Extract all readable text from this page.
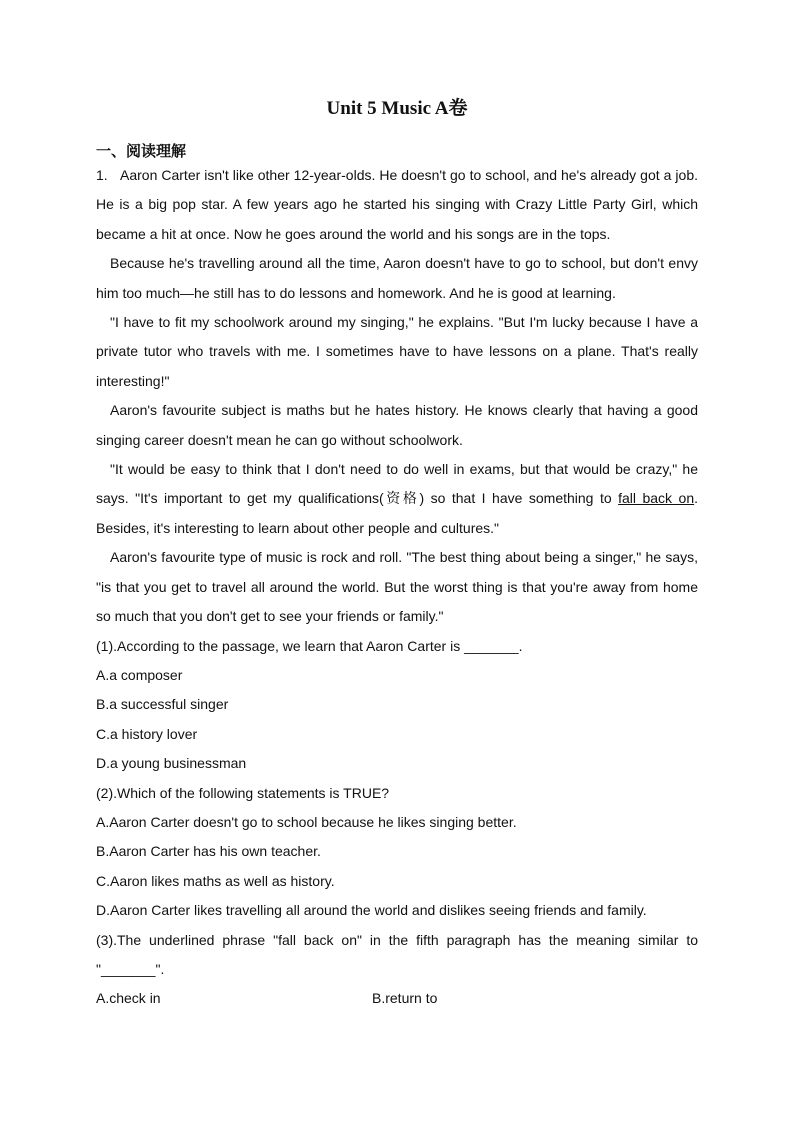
Unit 5 Music A卷
一、阅读理解

1. Aaron Carter isn't like other 12-year-olds. He doesn't go to school, and he's already got a job. He is a big pop star. A few years ago he started his singing with Crazy Little Party Girl, which became a hit at once. Now he goes around the world and his songs are in the tops.

Because he's travelling around all the time, Aaron doesn't have to go to school, but don't envy him too much—he still has to do lessons and homework. And he is good at learning.

"I have to fit my schoolwork around my singing," he explains. "But I'm lucky because I have a private tutor who travels with me. I sometimes have to have lessons on a plane. That's really interesting!"

Aaron's favourite subject is maths but he hates history. He knows clearly that having a good singing career doesn't mean he can go without schoolwork.

"It would be easy to think that I don't need to do well in exams, but that would be crazy," he says. "It's important to get my qualifications(资格) so that I have something to fall back on. Besides, it's interesting to learn about other people and cultures."

Aaron's favourite type of music is rock and roll. "The best thing about being a singer," he says, "is that you get to travel all around the world. But the worst thing is that you're away from home so much that you don't get to see your friends or family."

(1).According to the passage, we learn that Aaron Carter is _______.

A.a composer

B.a successful singer

C.a history lover

D.a young businessman

(2).Which of the following statements is TRUE?

A.Aaron Carter doesn't go to school because he likes singing better.

B.Aaron Carter has his own teacher.

C.Aaron likes maths as well as history.

D.Aaron Carter likes travelling all around the world and dislikes seeing friends and family.

(3).The underlined phrase "fall back on" in the fifth paragraph has the meaning similar to "_______".

A.check in	B.return to
